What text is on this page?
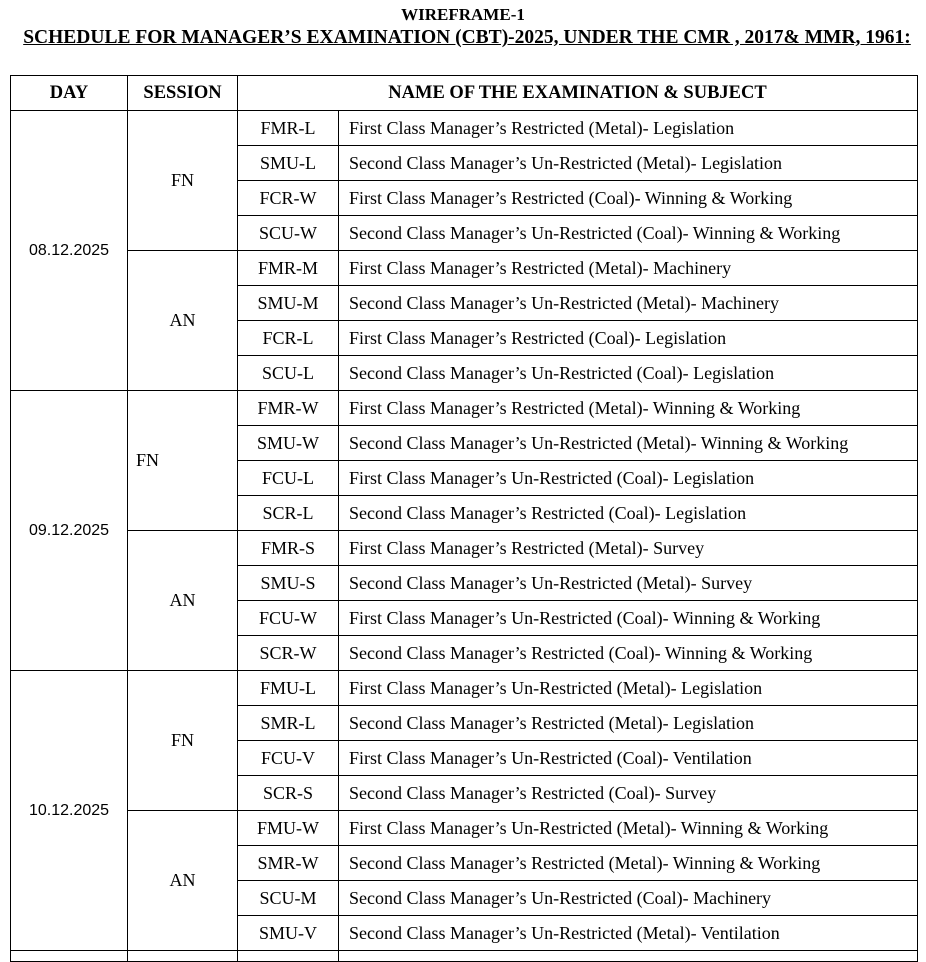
WIREFRAME-1
SCHEDULE FOR MANAGER’S EXAMINATION (CBT)-2025, UNDER THE CMR , 2017& MMR, 1961:
DAY	SESSION	NAME OF THE EXAMINATION & SUBJECT	
08.12.2025	FN	FMR-L	First Class Manager’s Restricted (Metal)- Legislation
		SMU-L	Second Class Manager’s Un-Restricted (Metal)- Legislation
		FCR-W	First Class Manager’s Restricted (Coal)- Winning & Working
		SCU-W	Second Class Manager’s Un-Restricted (Coal)- Winning & Working
	AN	FMR-M	First Class Manager’s Restricted (Metal)- Machinery
		SMU-M	Second Class Manager’s Un-Restricted (Metal)- Machinery
		FCR-L	First Class Manager’s Restricted (Coal)- Legislation
		SCU-L	Second Class Manager’s Un-Restricted (Coal)- Legislation
09.12.2025	FN	FMR-W	First Class Manager’s Restricted (Metal)- Winning & Working
		SMU-W	Second Class Manager’s Un-Restricted (Metal)- Winning & Working
		FCU-L	First Class Manager’s Un-Restricted (Coal)- Legislation
		SCR-L	Second Class Manager’s Restricted (Coal)- Legislation
	AN	FMR-S	First Class Manager’s Restricted (Metal)- Survey
		SMU-S	Second Class Manager’s Un-Restricted (Metal)- Survey
		FCU-W	First Class Manager’s Un-Restricted (Coal)- Winning & Working
		SCR-W	Second Class Manager’s Restricted (Coal)- Winning & Working
10.12.2025	FN	FMU-L	First Class Manager’s Un-Restricted (Metal)- Legislation
		SMR-L	Second Class Manager’s Restricted (Metal)- Legislation
		FCU-V	First Class Manager’s Un-Restricted (Coal)- Ventilation
		SCR-S	Second Class Manager’s Restricted (Coal)- Survey
	AN	FMU-W	First Class Manager’s Un-Restricted (Metal)- Winning & Working
		SMR-W	Second Class Manager’s Restricted (Metal)- Winning & Working
		SCU-M	Second Class Manager’s Un-Restricted (Coal)- Machinery
		SMU-V	Second Class Manager’s Un-Restricted (Metal)- Ventilation
